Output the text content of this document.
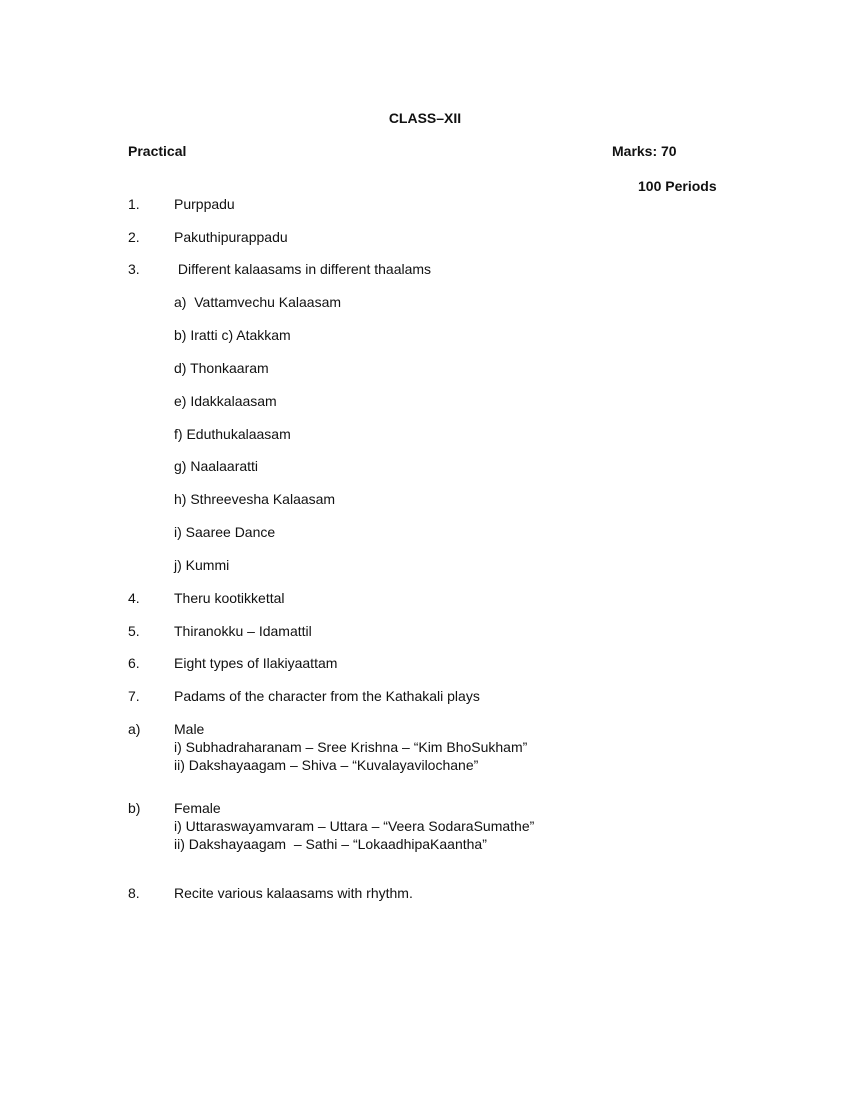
CLASS–XII
Practical	Marks: 70
100 Periods
1. Purppadu
2. Pakuthipurappadu
3. Different kalaasams in different thaalams
a)  Vattamvechu Kalaasam
b) Iratti c) Atakkam
d) Thonkaaram
e) Idakkalaasam
f) Eduthukalaasam
g) Naalaaratti
h) Sthreevesha Kalaasam
i) Saaree Dance
j) Kummi
4. Theru kootikkettal
5. Thiranokku – Idamattil
6. Eight types of Ilakiyaattam
7. Padams of the character from the Kathakali plays
a) Male
i) Subhadraharanam – Sree Krishna – “Kim BhoSukham”
ii) Dakshayaagam – Shiva – “Kuvalayavilochane”
b) Female
i) Uttaraswayamvaram – Uttara – “Veera SodaraSumathe”
ii) Dakshayaagam  – Sathi – “LokaadhipaKaantha”
8. Recite various kalaasams with rhythm.
